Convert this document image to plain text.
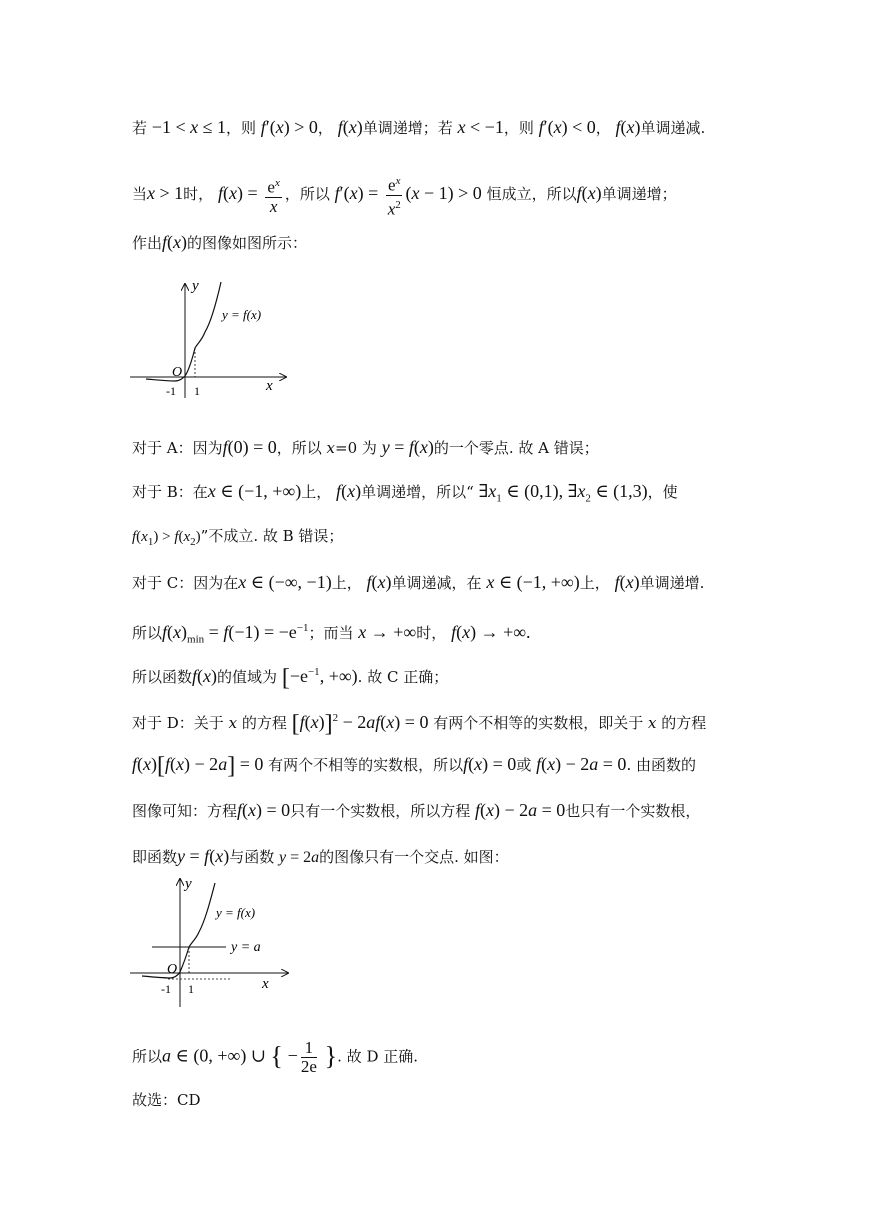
若 −1 < x ≤ 1，则 f′(x) > 0， f(x)单调递增；若 x < −1，则 f′(x) < 0， f(x)单调递减.
当x > 1时， $f(x) = \frac{e^x}{x}$ ，所以 $f'(x) = \frac{e^x}{x^2} (x - 1) > 0$ 恒成立，所以f(x)单调递增；
作出f(x)的图像如图所示：
y
x
O
-1 1
y = f(x)
对于 A：因为f(0) = 0，所以 x=0 为 y = f(x)的一个零点. 故 A 错误；
对于 B：在x ∈ (−1, +∞)上， f(x)单调递增，所以“ $\exists x_1$ ∈ (0,1), $\exists x_2$ ∈ (1,3)，使
$f(x_1) > f(x_2)$”不成立. 故 B 错误；
对于 C：因为在x ∈ (−∞, −1)上， f(x)单调递减，在 x ∈ (−1, +∞)上， f(x)单调递增.
所以$f(x)_{min} = f(-1) = -e^{-1}$；而当 x → +∞时， f(x) → +∞.
所以函数f(x)的值域为 [$-e^{-1}$, +∞). 故 C 正确；
对于 D：关于 x 的方程 $[f(x)]^2 - 2af(x) = 0$ 有两个不相等的实数根，即关于 x 的方程
f(x)[f(x) − 2a] = 0 有两个不相等的实数根，所以f(x) = 0或 f(x) − 2a = 0. 由函数的
图像可知：方程f(x) = 0只有一个实数根，所以方程 f(x) − 2a = 0也只有一个实数根，
即函数y = f(x)与函数 y = 2a的图像只有一个交点. 如图：
y
x
O
-1 1
y = f(x)
y = a
所以a ∈ (0, +∞) ∪ { − $\frac{1}{2e}$ }. 故 D 正确.
故选：CD
